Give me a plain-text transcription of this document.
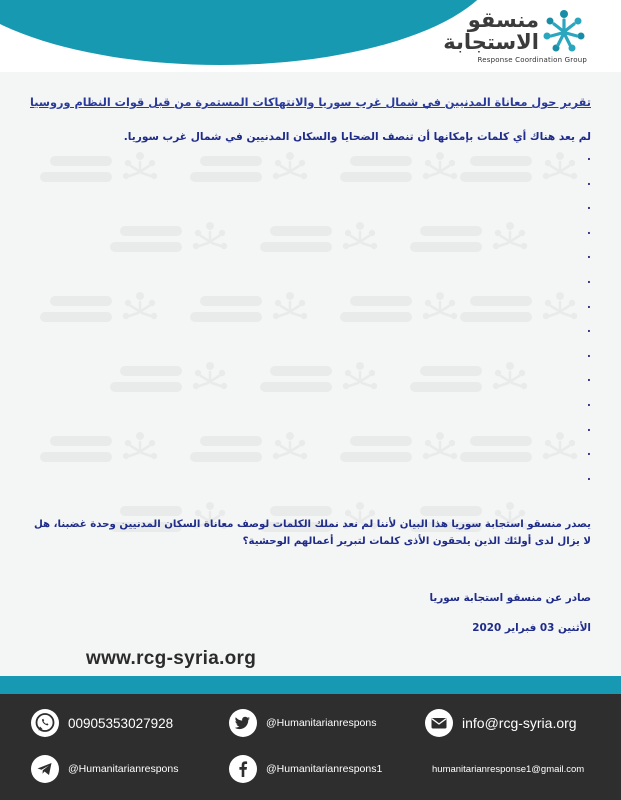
منسقو
الاستجابة
Response Coordination Group
تقرير حول معاناة المدنيين في شمال غرب سوريا والانتهاكات المستمرة من قبل قوات النظام وروسيا
لم يعد هناك أي كلمات بإمكانها أن تنصف الضحايا والسكان المدنيين في شمال غرب سوريا.
.
.
.
.
.
.
.
.
.
.
.
.
.
.
يصدر منسقو استجابة سوريا هذا البيان لأننا لم نعد نملك الكلمات لوصف معاناة السكان المدنيين وحدة غضبنا، هل لا يزال لدى أولئك الذين يلحقون الأذى كلمات لتبرير أعمالهم الوحشية؟
صادر عن منسقو استجابة سوريا
الأثنين 03 فبراير 2020
www.rcg-syria.org
00905353027928	@Humanitarianrespons	info@rcg-syria.org
@Humanitarianrespons	@Humanitarianrespons1	humanitarianresponse1@gmail.com
